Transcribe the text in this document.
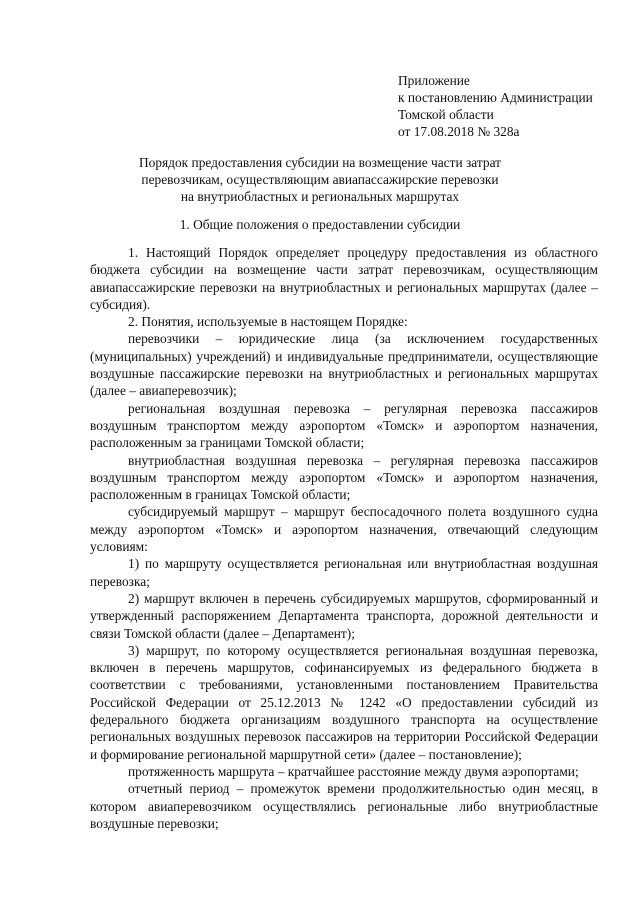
Приложение
к постановлению Администрации
Томской области
от 17.08.2018 № 328а
Порядок предоставления субсидии на возмещение части затрат
перевозчикам, осуществляющим авиапассажирские перевозки
на внутриобластных и региональных маршрутах
1. Общие положения о предоставлении субсидии

1. Настоящий Порядок определяет процедуру предоставления из областного бюджета субсидии на возмещение части затрат перевозчикам, осуществляющим авиапассажирские перевозки на внутриобластных и региональных маршрутах (далее – субсидия).

2. Понятия, используемые в настоящем Порядке:

перевозчики – юридические лица (за исключением государственных (муниципальных) учреждений) и индивидуальные предприниматели, осуществляющие воздушные пассажирские перевозки на внутриобластных и региональных маршрутах (далее – авиаперевозчик);

региональная воздушная перевозка – регулярная перевозка пассажиров воздушным транспортом между аэропортом «Томск» и аэропортом назначения, расположенным за границами Томской области;

внутриобластная воздушная перевозка – регулярная перевозка пассажиров воздушным транспортом между аэропортом «Томск» и аэропортом назначения, расположенным в границах Томской области;

субсидируемый маршрут – маршрут беспосадочного полета воздушного судна между аэропортом «Томск» и аэропортом назначения, отвечающий следующим условиям:

1) по маршруту осуществляется региональная или внутриобластная воздушная перевозка;

2) маршрут включен в перечень субсидируемых маршрутов, сформированный и утвержденный распоряжением Департамента транспорта, дорожной деятельности и связи Томской области (далее – Департамент);

3) маршрут, по которому осуществляется региональная воздушная перевозка, включен в перечень маршрутов, софинансируемых из федерального бюджета в соответствии с требованиями, установленными постановлением Правительства Российской Федерации от 25.12.2013 № 1242 «О предоставлении субсидий из федерального бюджета организациям воздушного транспорта на осуществление региональных воздушных перевозок пассажиров на территории Российской Федерации и формирование региональной маршрутной сети» (далее – постановление);

протяженность маршрута – кратчайшее расстояние между двумя аэропортами;

отчетный период – промежуток времени продолжительностью один месяц, в котором авиаперевозчиком осуществлялись региональные либо внутриобластные воздушные перевозки;
